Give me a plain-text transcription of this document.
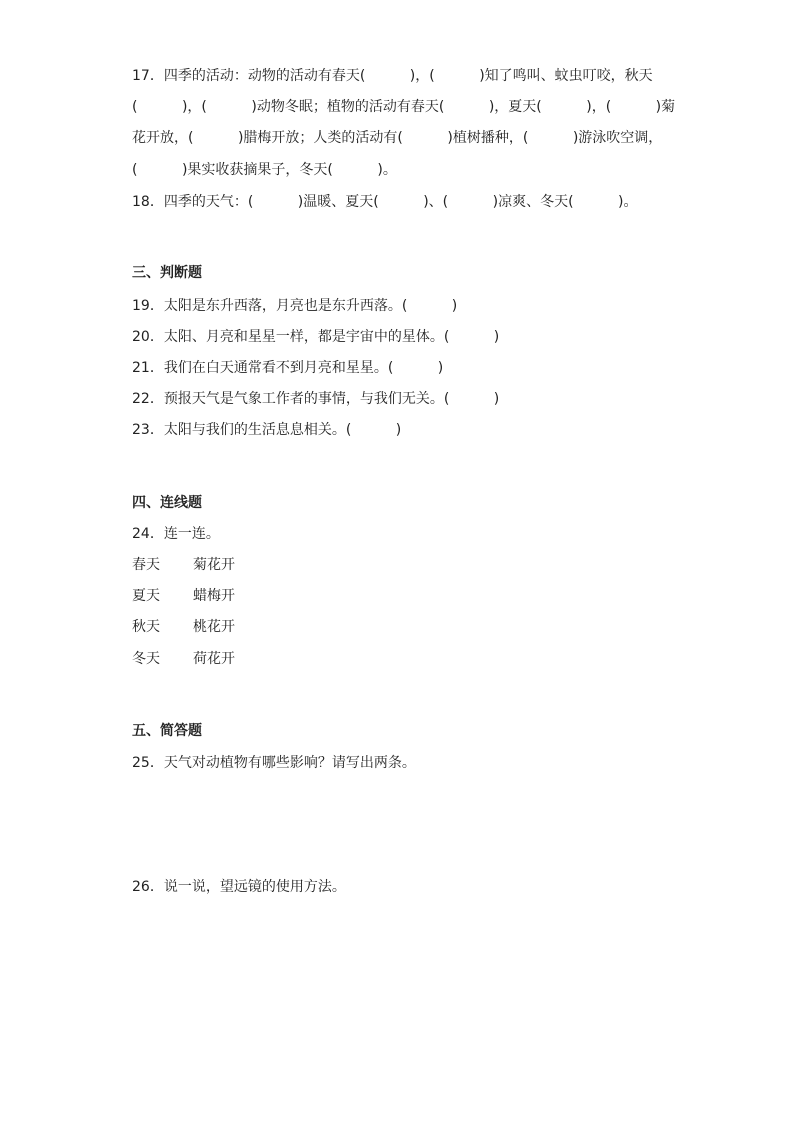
17．四季的活动：动物的活动有春天(          )，(          )知了鸣叫、蚊虫叮咬，秋天
(          )，(          )动物冬眠；植物的活动有春天(          )，夏天(          )，(          )菊
花开放，(          )腊梅开放；人类的活动有(          )植树播种，(          )游泳吹空调，
(          )果实收获摘果子，冬天(          )。
18．四季的天气：(          )温暖、夏天(          )、(          )凉爽、冬天(          )。
三、判断题
19．太阳是东升西落，月亮也是东升西落。(          )
20．太阳、月亮和星星一样，都是宇宙中的星体。(          )
21．我们在白天通常看不到月亮和星星。(          )
22．预报天气是气象工作者的事情，与我们无关。(          )
23．太阳与我们的生活息息相关。(          )
四、连线题
24．连一连。
春天 菊花开
夏天 蜡梅开
秋天 桃花开
冬天 荷花开
五、简答题
25．天气对动植物有哪些影响？请写出两条。
26．说一说，望远镜的使用方法。
